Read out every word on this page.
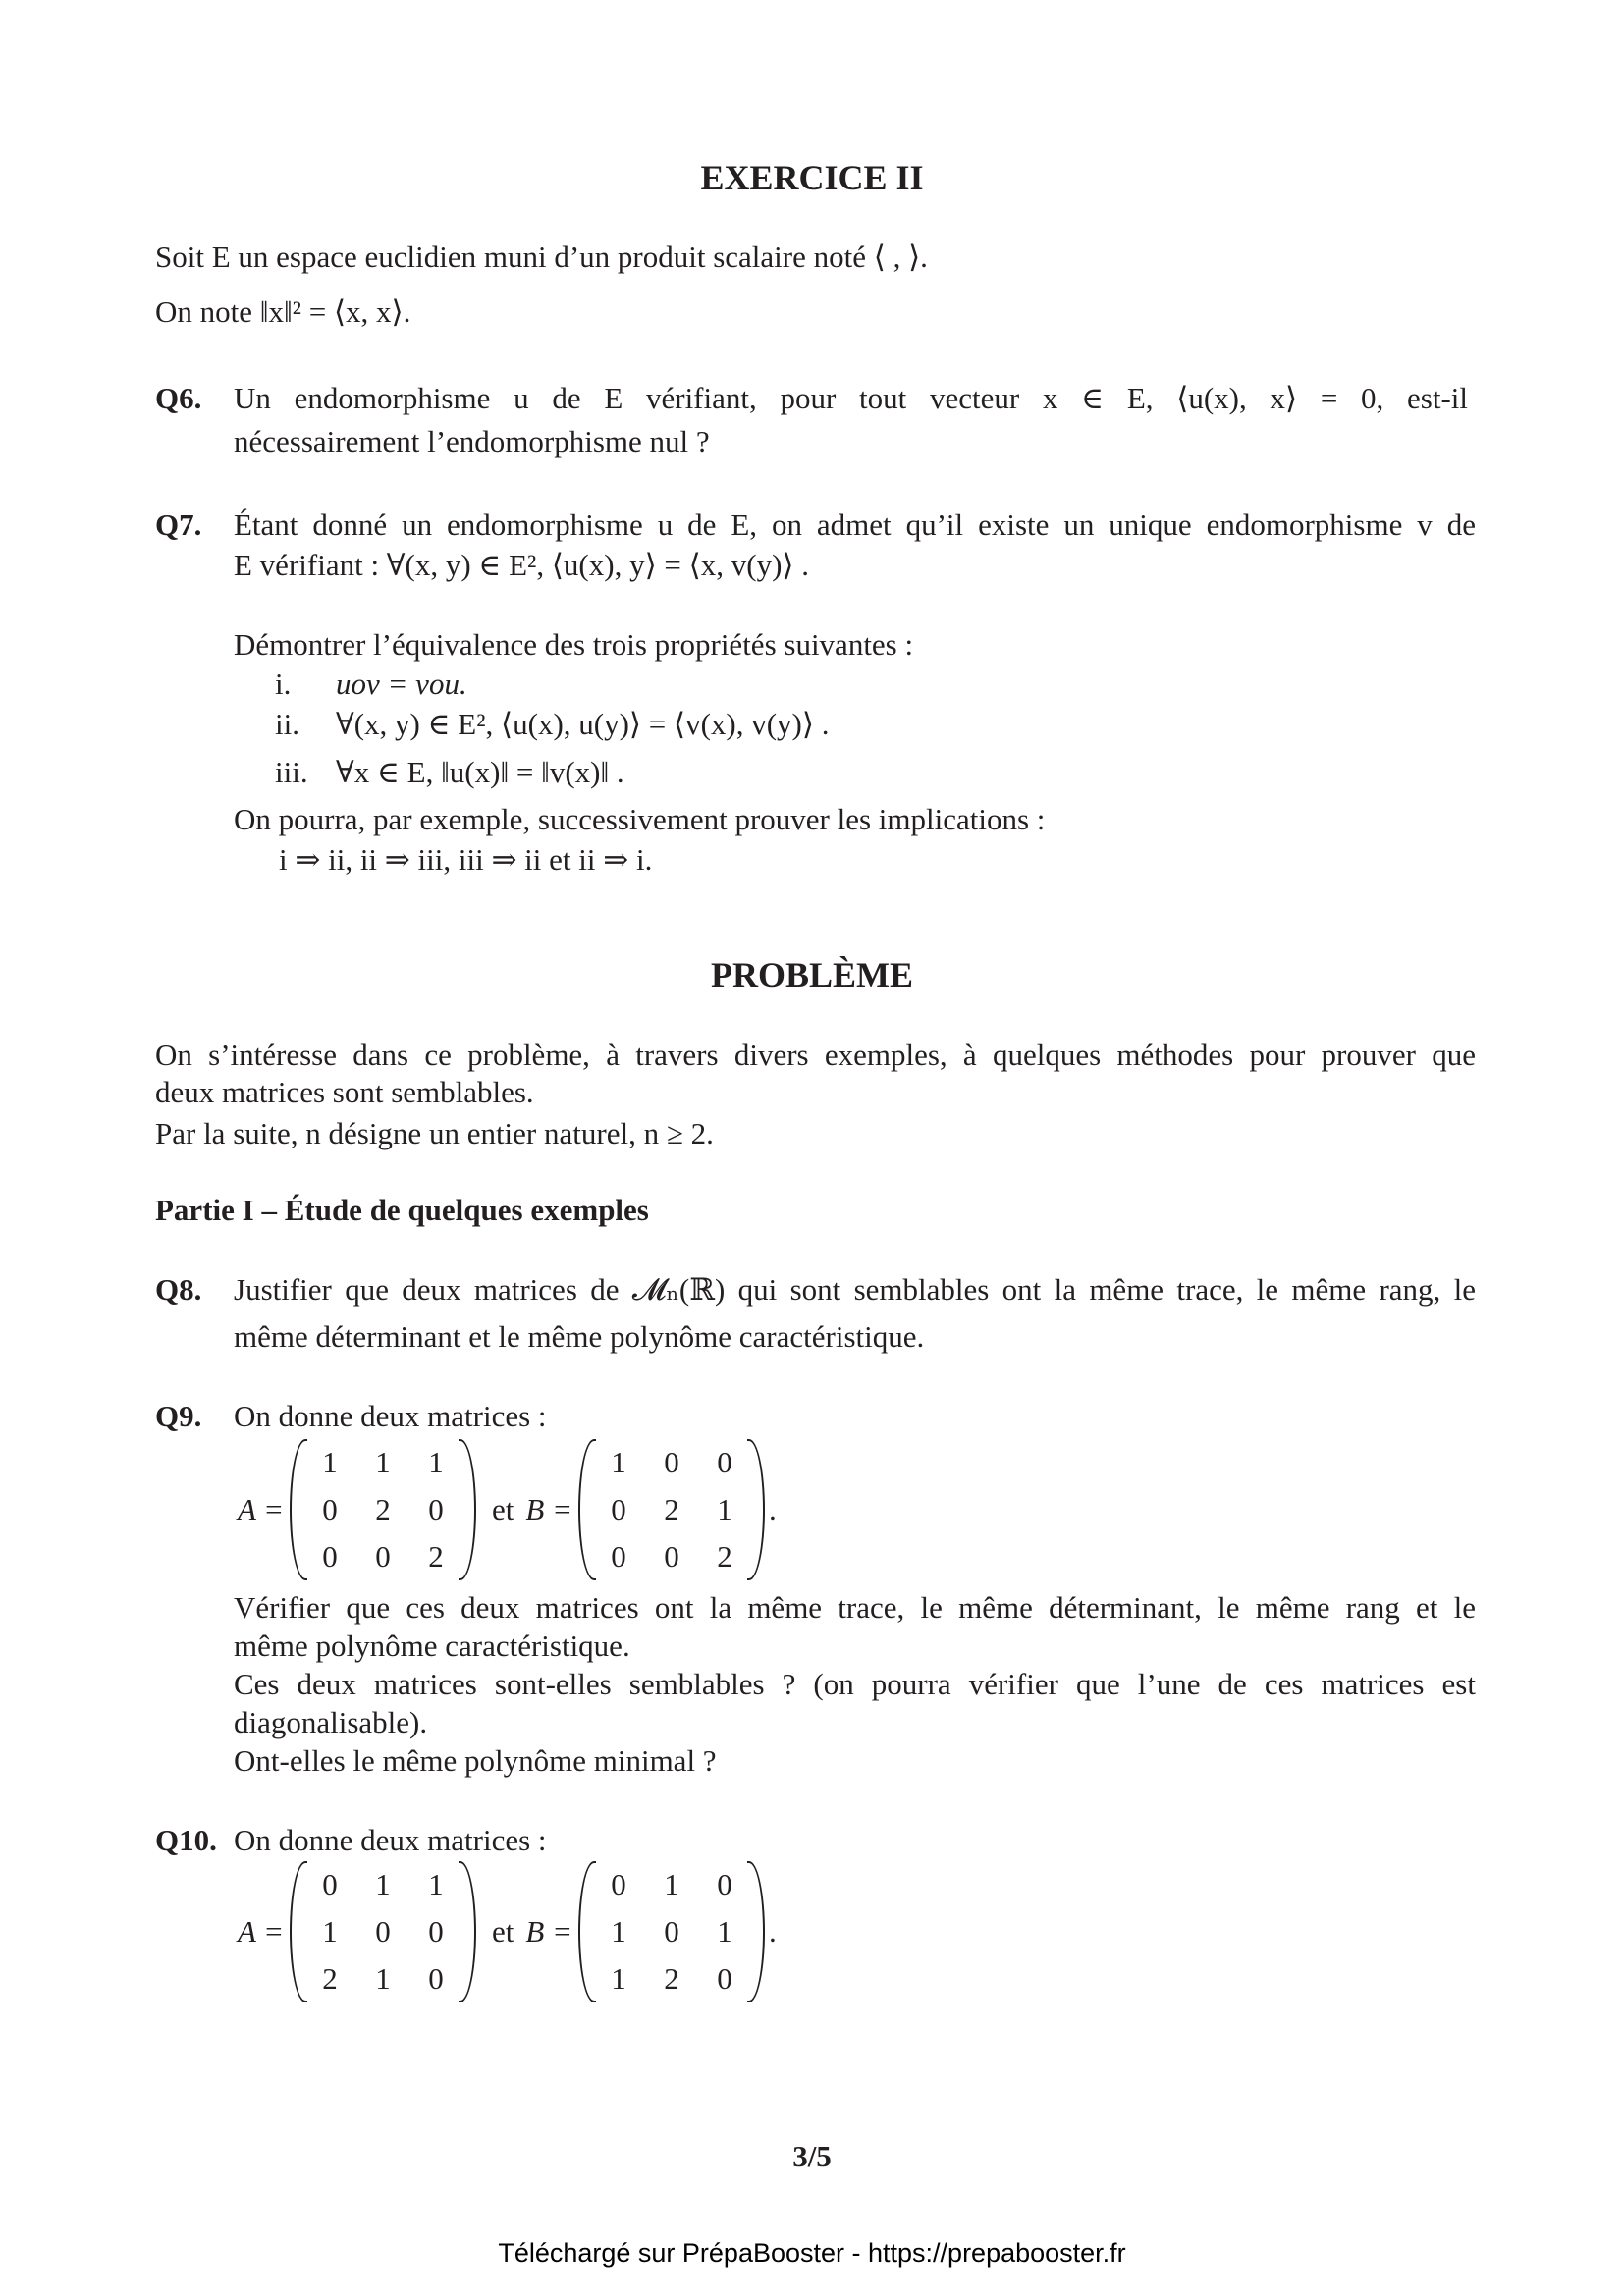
EXERCICE II
Soit E un espace euclidien muni d’un produit scalaire noté ⟨ , ⟩.
On note ‖x‖² = ⟨x, x⟩.
Q6. Un endomorphisme u de E vérifiant, pour tout vecteur x ∈ E, ⟨u(x), x⟩ = 0, est-il
nécessairement l’endomorphisme nul ?
Q7. Étant donné un endomorphisme u de E, on admet qu’il existe un unique endomorphisme v de
E vérifiant : ∀(x, y) ∈ E², ⟨u(x), y⟩ = ⟨x, v(y)⟩ .
Démontrer l’équivalence des trois propriétés suivantes :
i. uov = vou.
ii. ∀(x, y) ∈ E², ⟨u(x), u(y)⟩ = ⟨v(x), v(y)⟩ .
iii. ∀x ∈ E, ‖u(x)‖ = ‖v(x)‖ .
On pourra, par exemple, successivement prouver les implications :
i ⇒ ii, ii ⇒ iii, iii ⇒ ii et ii ⇒ i.
PROBLÈME
On s’intéresse dans ce problème, à travers divers exemples, à quelques méthodes pour prouver que
deux matrices sont semblables.
Par la suite, n désigne un entier naturel, n ≥ 2.
Partie I – Étude de quelques exemples
Q8. Justifier que deux matrices de 𝓜ₙ(ℝ) qui sont semblables ont la même trace, le même rang, le
même déterminant et le même polynôme caractéristique.
Q9. On donne deux matrices :
A =
1 1 1
0 2 0
0 0 2
et B =
1 0 0
0 2 1
0 0 2
.
Vérifier que ces deux matrices ont la même trace, le même déterminant, le même rang et le
même polynôme caractéristique.
Ces deux matrices sont-elles semblables ? (on pourra vérifier que l’une de ces matrices est
diagonalisable).
Ont-elles le même polynôme minimal ?
Q10. On donne deux matrices :
A =
0 1 1
1 0 0
2 1 0
et B =
0 1 0
1 0 1
1 2 0
.
3/5
Téléchargé sur PrépaBooster - https://prepabooster.fr
